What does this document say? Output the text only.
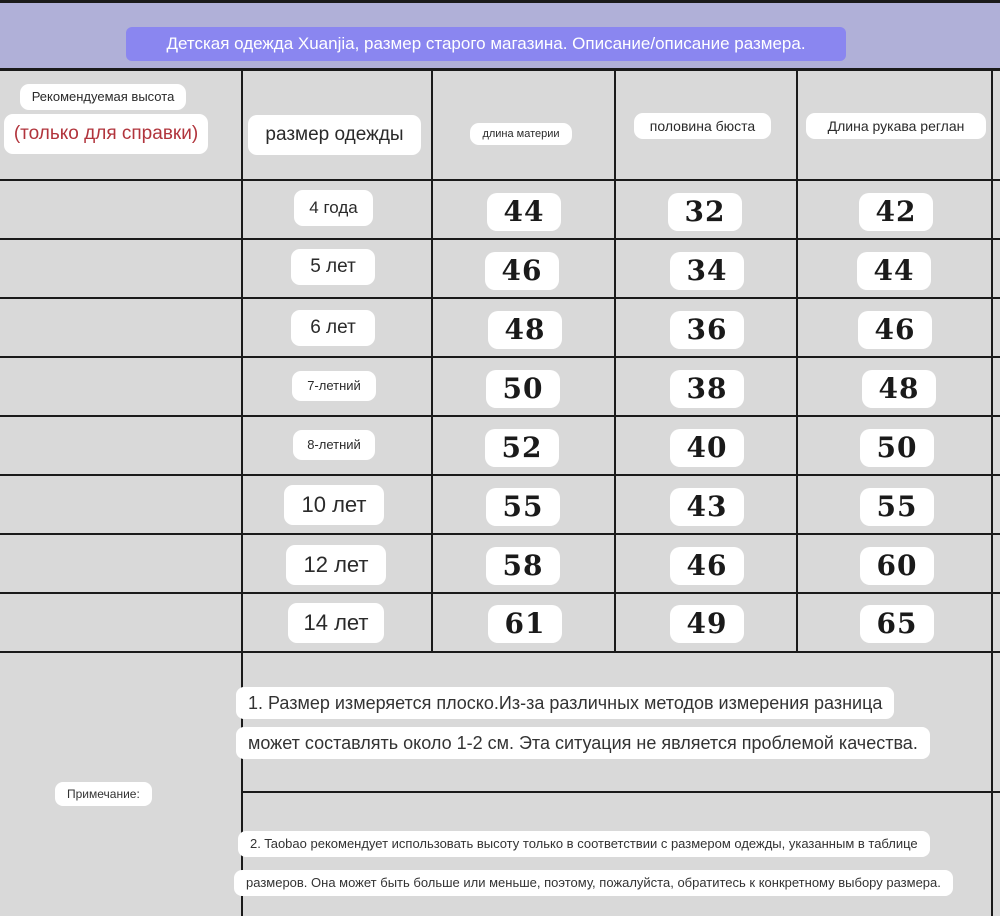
Детская одежда Xuanjia, размер старого магазина. Описание/описание размера.
Рекомендуемая высота
(только для справки)	размер одежды	длина материи	половина бюста	Длина рукава реглан
4 года	44	32	42
5 лет	46	34	44
6 лет	48	36	46
7-летний	50	38	48
8-летний	52	40	50
10 лет	55	43	55
12 лет	58	46	60
14 лет	61	49	65
Примечание:
1. Размер измеряется плоско.Из-за различных методов измерения разница
может составлять около 1-2 см. Эта ситуация не является проблемой качества.
2. Taobao рекомендует использовать высоту только в соответствии с размером одежды, указанным в таблице
размеров. Она может быть больше или меньше, поэтому, пожалуйста, обратитесь к конкретному выбору размера.
